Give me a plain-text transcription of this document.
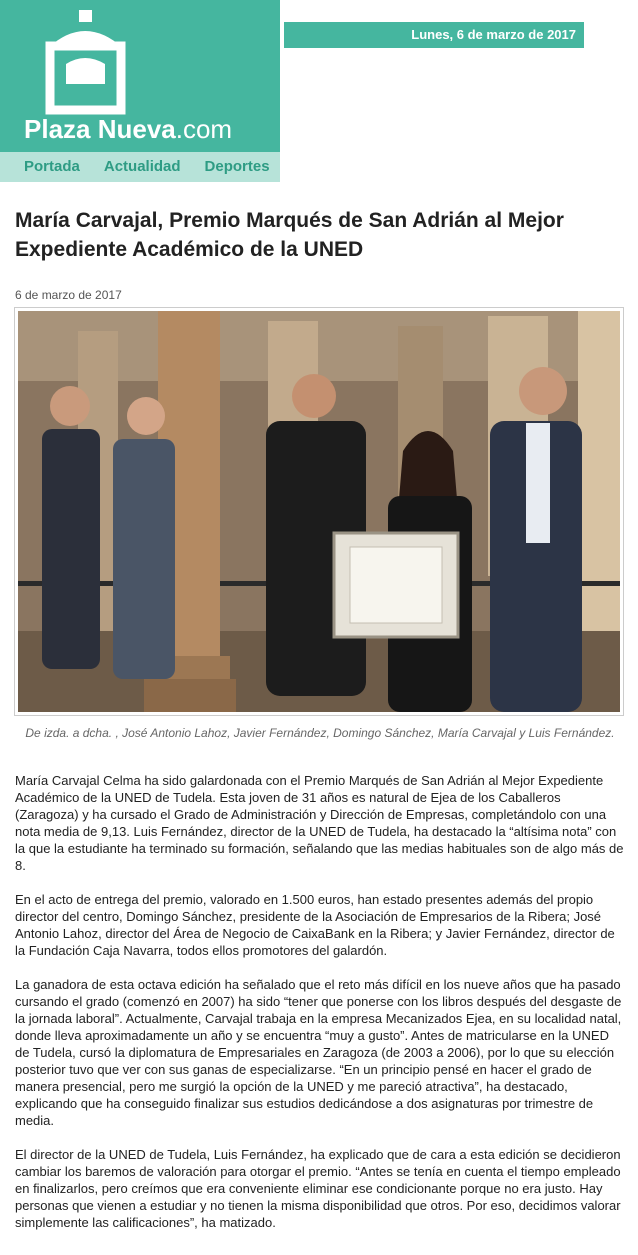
Plaza Nueva.com
Lunes, 6 de marzo de 2017
Portada Actualidad Deportes
María Carvajal, Premio Marqués de San Adrián al Mejor Expediente Académico de la UNED
6 de marzo de 2017
De izda. a dcha. , José Antonio Lahoz, Javier Fernández, Domingo Sánchez, María Carvajal y Luis Fernández.

María Carvajal Celma ha sido galardonada con el Premio Marqués de San Adrián al Mejor Expediente Académico de la UNED de Tudela. Esta joven de 31 años es natural de Ejea de los Caballeros (Zaragoza) y ha cursado el Grado de Administración y Dirección de Empresas, completándolo con una nota media de 9,13. Luis Fernández, director de la UNED de Tudela, ha destacado la “altísima nota” con la que la estudiante ha terminado su formación, señalando que las medias habituales son de algo más de 8.

En el acto de entrega del premio, valorado en 1.500 euros, han estado presentes además del propio director del centro, Domingo Sánchez, presidente de la Asociación de Empresarios de la Ribera; José Antonio Lahoz, director del Área de Negocio de CaixaBank en la Ribera; y Javier Fernández, director de la Fundación Caja Navarra, todos ellos promotores del galardón.

La ganadora de esta octava edición ha señalado que el reto más difícil en los nueve años que ha pasado cursando el grado (comenzó en 2007) ha sido “tener que ponerse con los libros después del desgaste de la jornada laboral”. Actualmente, Carvajal trabaja en la empresa Mecanizados Ejea, en su localidad natal, donde lleva aproximadamente un año y se encuentra “muy a gusto”. Antes de matricularse en la UNED de Tudela, cursó la diplomatura de Empresariales en Zaragoza (de 2003 a 2006), por lo que su elección posterior tuvo que ver con sus ganas de especializarse. “En un principio pensé en hacer el grado de manera presencial, pero me surgió la opción de la UNED y me pareció atractiva”, ha destacado, explicando que ha conseguido finalizar sus estudios dedicándose a dos asignaturas por trimestre de media.

El director de la UNED de Tudela, Luis Fernández, ha explicado que de cara a esta edición se decidieron cambiar los baremos de valoración para otorgar el premio. “Antes se tenía en cuenta el tiempo empleado en finalizarlos, pero creímos que era conveniente eliminar ese condicionante porque no era justo. Hay personas que vienen a estudiar y no tienen la misma disponibilidad que otros. Por eso, decidimos valorar simplemente las calificaciones”, ha matizado.
